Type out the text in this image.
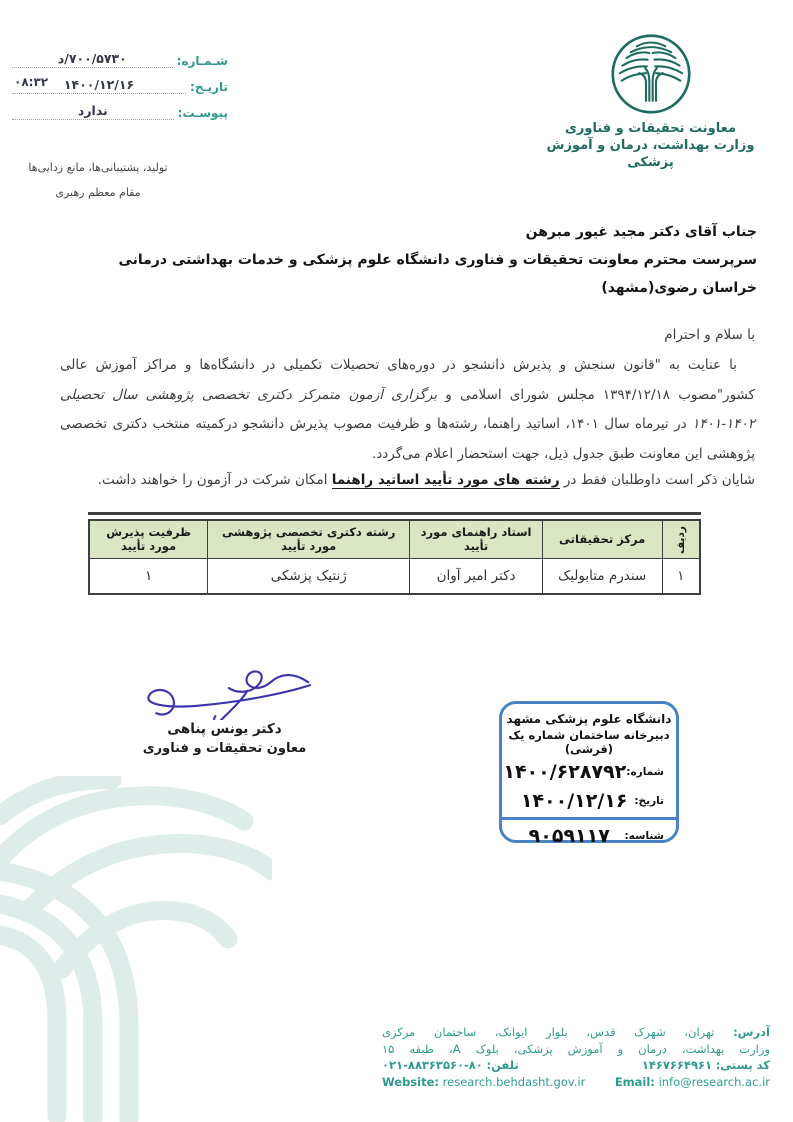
شـمـاره:
۷۰۰/۵۷۳۰/د
تاریـخ:
۱۴۰۰/۱۲/۱۶
۰۸:۳۲
پیوسـت:
ندارد
تولید، پشتیبانی‌ها، مانع زدایی‌ها
مقام معظم رهبری
معاونت تحقیقات و فناوری
وزارت بهداشت، درمان و آموزش پزشکی
جناب آقای دکتر مجید غیور مبرهن
سرپرست محترم معاونت تحقیقات و فناوری دانشگاه علوم پزشکی و خدمات بهداشتی درمانی خراسان رضوی(مشهد)
با سلام و احترام
با عنایت به "قانون سنجش و پذیرش دانشجو در دوره‌های تحصیلات تکمیلی در دانشگاه‌ها و مراکز آموزش عالی کشور"مصوب ۱۳۹۴/۱۲/۱۸ مجلس شورای اسلامی و برگزاری آزمون متمرکز دکتری تخصصی پژوهشی سال تحصیلی ۱۴۰۲-۱۴۰۱ در تیرماه سال ۱۴۰۱، اساتید راهنما، رشته‌ها و ظرفیت مصوب پذیرش دانشجو درکمیته منتخب دکتری تخصصی پژوهشی این معاونت طبق جدول ذیل، جهت استحضار اعلام می‌گردد.
شایان ذکر است داوطلبان فقط در رشته های مورد تأیید اساتید راهنما امکان شرکت در آزمون را خواهند داشت.
ردیف	مرکز تحقیقاتی	استاد راهنمای مورد تأیید	رشته دکتری تخصصی پژوهشی مورد تأیید	ظرفیت پذیرش مورد تأیید
۱	سندرم متابولیک	دکتر امیر آوان	ژنتیک پزشکی	۱
دکتر یونس پناهی
معاون تحقیقات و فناوری
دانشگاه علوم پزشکی مشهد
دبیرخانه ساختمان شماره یک (قرشی)
شماره:
۱۴۰۰/۶۲۸۷۹۲
تاریخ:
۱۴۰۰/۱۲/۱۶
شناسه:
۹۰۵۹۱۱۷
آدرس: تهران، شهرک قدس، بلوار ایوانک، ساختمان مرکزی
وزارت بهداشت، درمان و آموزش پزشکی، بلوک A، طبقه ۱۵
کد پستی: ۱۴۶۷۶۶۴۹۶۱
تلفن: ۸۰-۸۸۳۶۳۵۶۰-۰۲۱
Website: research.behdasht.gov.ir	Email: info@research.ac.ir
